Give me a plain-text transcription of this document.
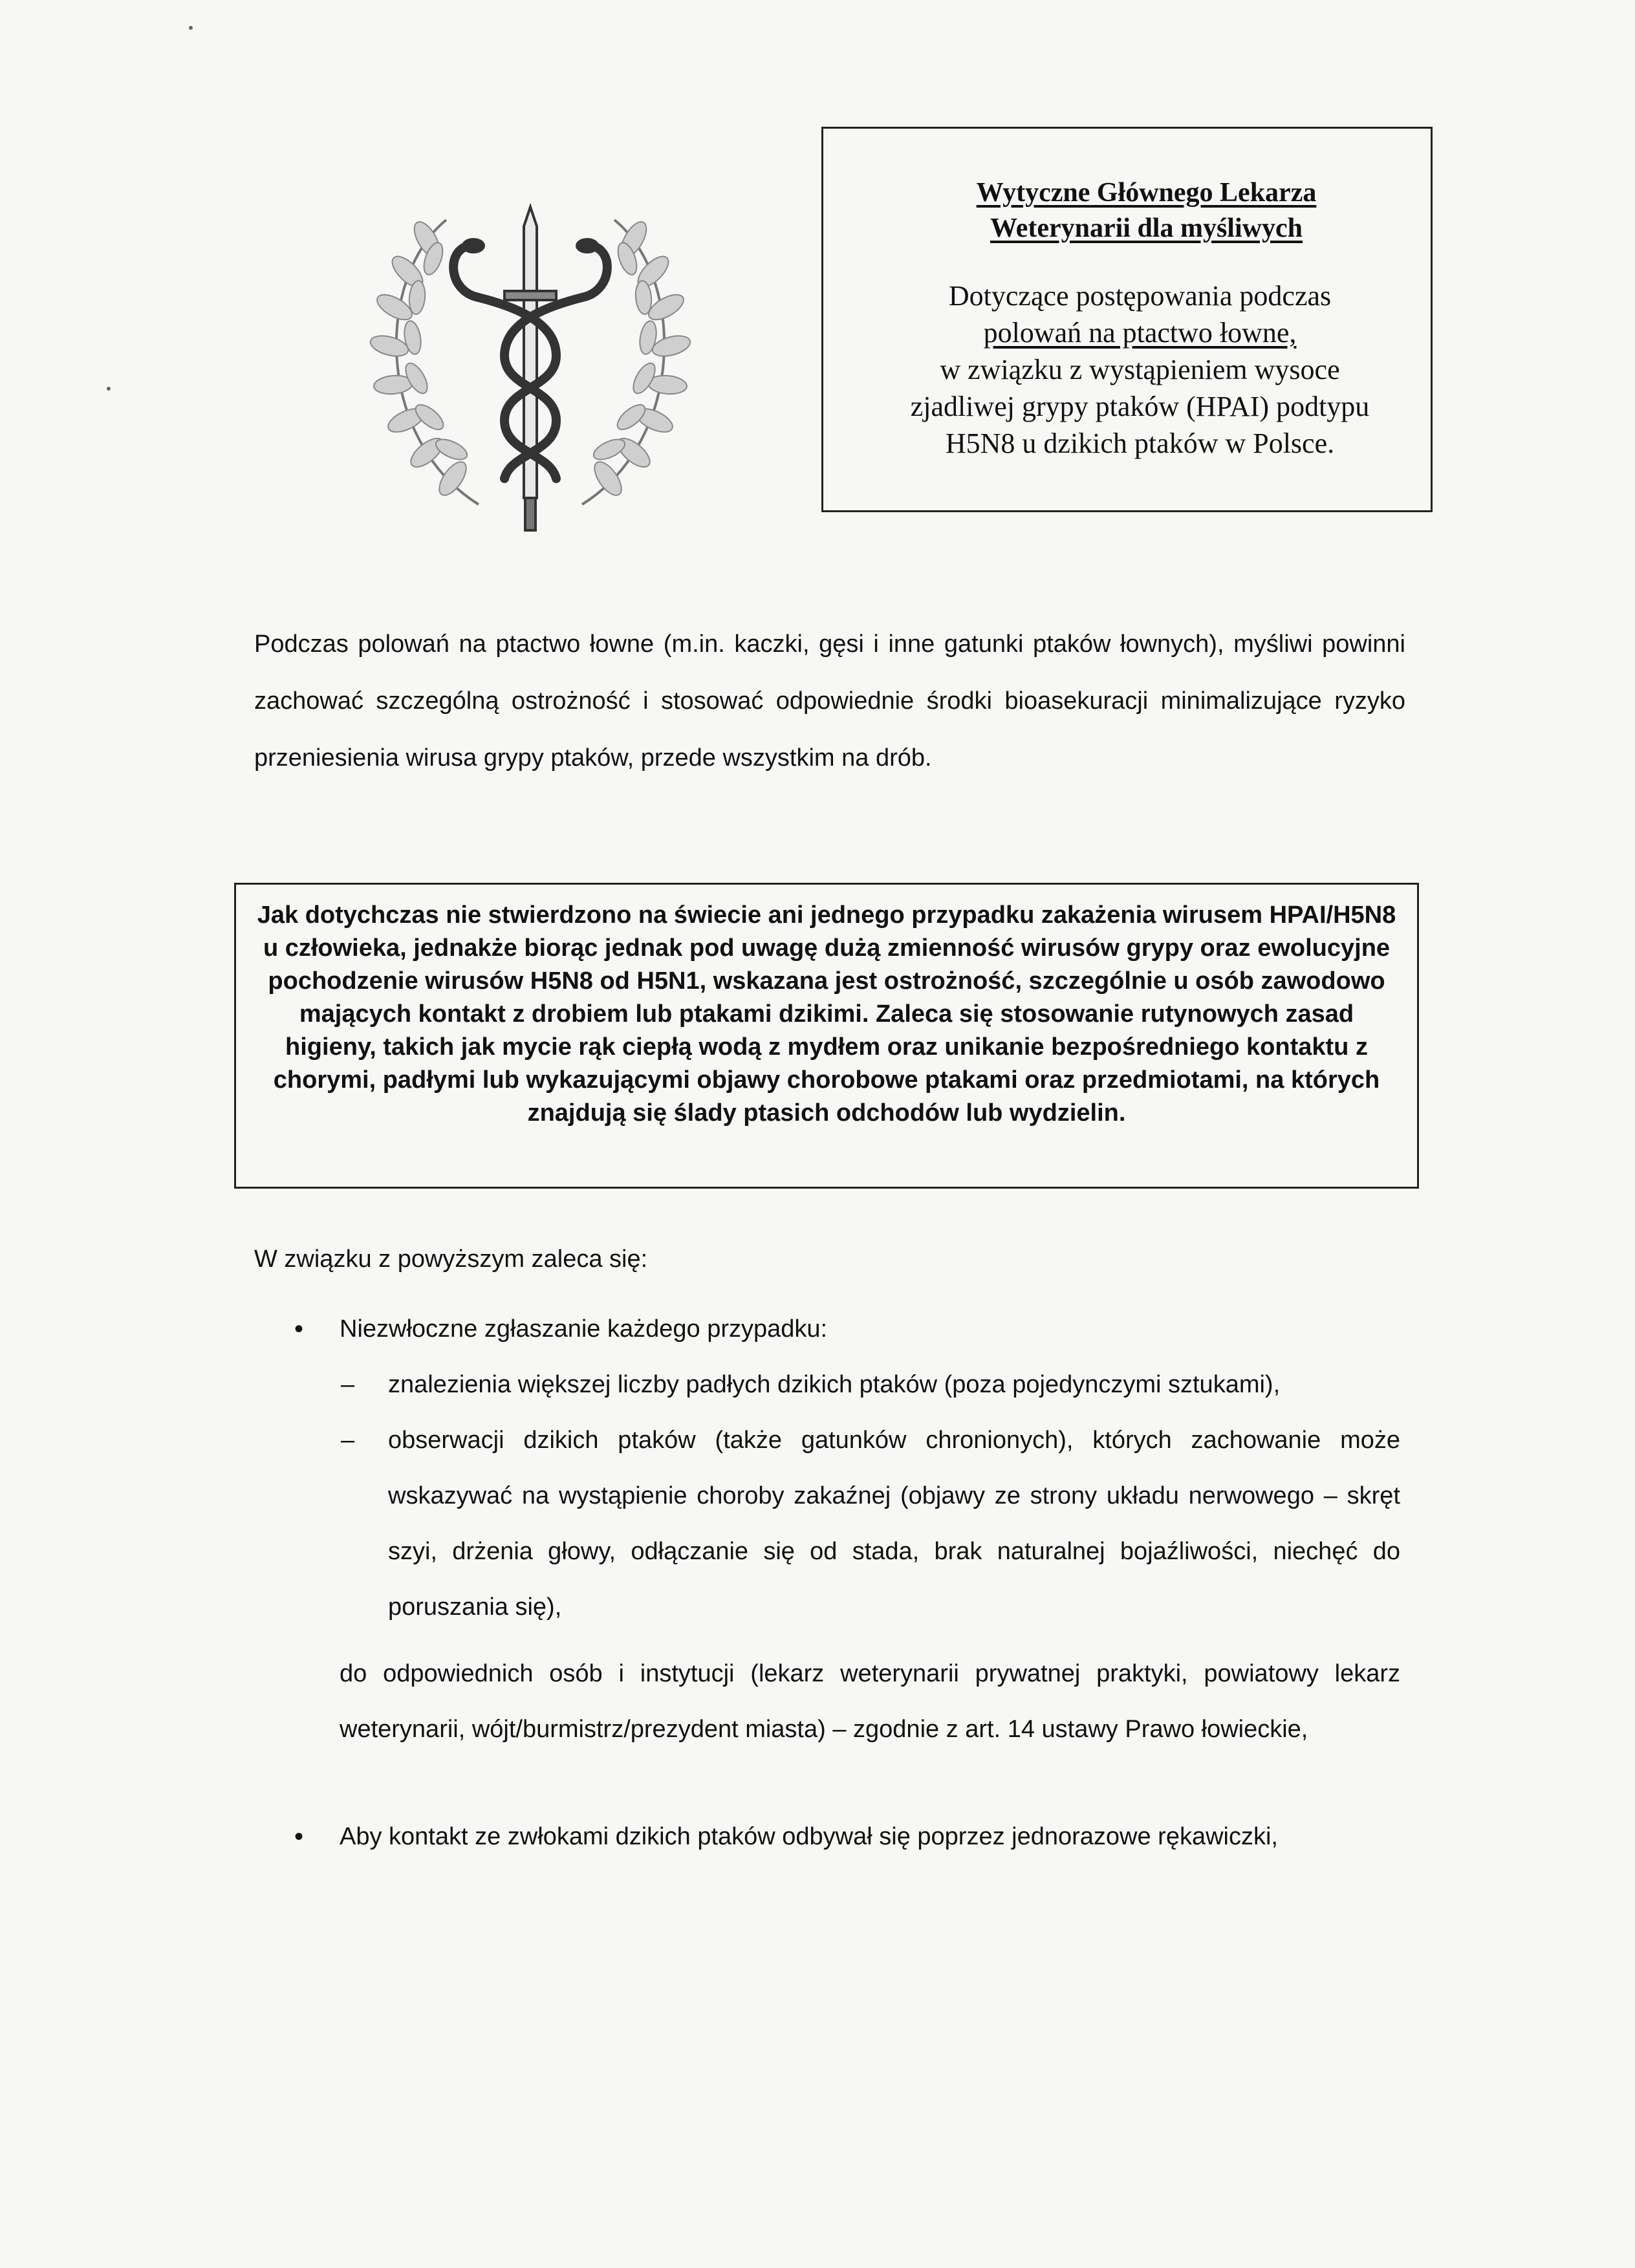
Wytyczne Głównego Lekarza
Weterynarii dla myśliwych
Dotyczące postępowania podczas
polowań na ptactwo łowne,
w związku z wystąpieniem wysoce
zjadliwej grypy ptaków (HPAI) podtypu
H5N8 u dzikich ptaków w Polsce.
Podczas polowań na ptactwo łowne (m.in. kaczki, gęsi i inne gatunki ptaków łownych), myśliwi powinni zachować szczególną ostrożność i stosować odpowiednie środki bioasekuracji minimalizujące ryzyko przeniesienia wirusa grypy ptaków, przede wszystkim na drób.
Jak dotychczas nie stwierdzono na świecie ani jednego przypadku zakażenia wirusem HPAI/H5N8 u człowieka, jednakże biorąc jednak pod uwagę dużą zmienność wirusów grypy oraz ewolucyjne pochodzenie wirusów H5N8 od H5N1, wskazana jest ostrożność, szczególnie u osób zawodowo mających kontakt z drobiem lub ptakami dzikimi. Zaleca się stosowanie rutynowych zasad higieny, takich jak mycie rąk ciepłą wodą z mydłem oraz unikanie bezpośredniego kontaktu z chorymi, padłymi lub wykazującymi objawy chorobowe ptakami oraz przedmiotami, na których znajdują się ślady ptasich odchodów lub wydzielin.
W związku z powyższym zaleca się:
• Niezwłoczne zgłaszanie każdego przypadku:
– znalezienia większej liczby padłych dzikich ptaków (poza pojedynczymi sztukami),
– obserwacji dzikich ptaków (także gatunków chronionych), których zachowanie może wskazywać na wystąpienie choroby zakaźnej (objawy ze strony układu nerwowego – skręt szyi, drżenia głowy, odłączanie się od stada, brak naturalnej bojaźliwości, niechęć do poruszania się),
do odpowiednich osób i instytucji (lekarz weterynarii prywatnej praktyki, powiatowy lekarz weterynarii, wójt/burmistrz/prezydent miasta) – zgodnie z art. 14 ustawy Prawo łowieckie,
• Aby kontakt ze zwłokami dzikich ptaków odbywał się poprzez jednorazowe rękawiczki,
